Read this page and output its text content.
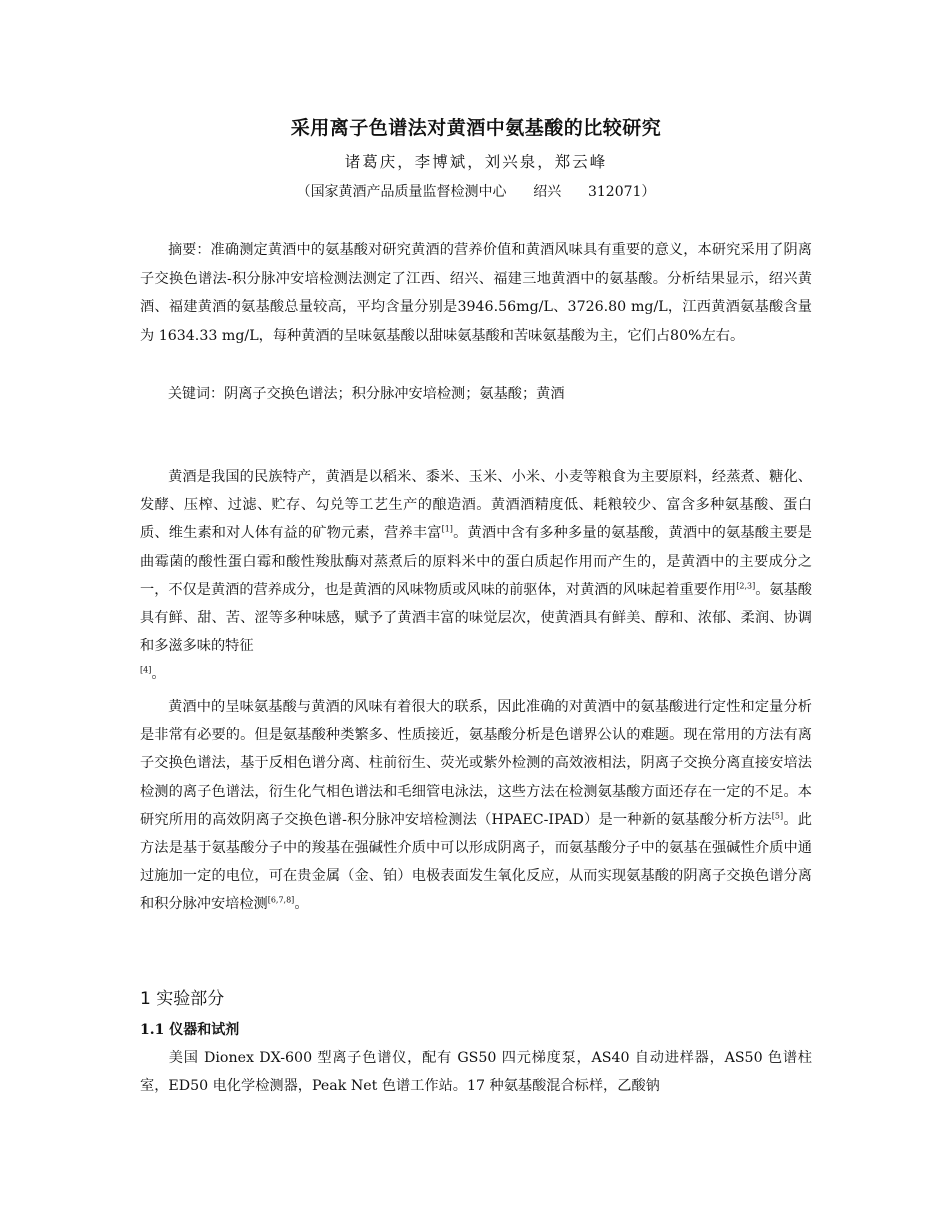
采用离子色谱法对黄酒中氨基酸的比较研究
诸葛庆，李博斌，刘兴泉，郑云峰
（国家黄酒产品质量监督检测中心 绍兴 312071）
摘要：准确测定黄酒中的氨基酸对研究黄酒的营养价值和黄酒风味具有重要的意义，本研究采用了阴离子交换色谱法-积分脉冲安培检测法测定了江西、绍兴、福建三地黄酒中的氨基酸。分析结果显示，绍兴黄酒、福建黄酒的氨基酸总量较高，平均含量分别是3946.56mg/L、3726.80 mg/L，江西黄酒氨基酸含量为 1634.33 mg/L，每种黄酒的呈味氨基酸以甜味氨基酸和苦味氨基酸为主，它们占80%左右。
关键词：阴离子交换色谱法；积分脉冲安培检测；氨基酸；黄酒
黄酒是我国的民族特产，黄酒是以稻米、黍米、玉米、小米、小麦等粮食为主要原料，经蒸煮、糖化、发酵、压榨、过滤、贮存、勾兑等工艺生产的酿造酒。黄酒酒精度低、耗粮较少、富含多种氨基酸、蛋白质、维生素和对人体有益的矿物元素，营养丰富[1]。黄酒中含有多种多量的氨基酸，黄酒中的氨基酸主要是曲霉菌的酸性蛋白霉和酸性羧肽酶对蒸煮后的原料米中的蛋白质起作用而产生的，是黄酒中的主要成分之一，不仅是黄酒的营养成分，也是黄酒的风味物质或风味的前驱体，对黄酒的风味起着重要作用[2,3]。氨基酸具有鲜、甜、苦、涩等多种味感，赋予了黄酒丰富的味觉层次，使黄酒具有鲜美、醇和、浓郁、柔润、协调和多滋多味的特征
[4]。
黄酒中的呈味氨基酸与黄酒的风味有着很大的联系，因此准确的对黄酒中的氨基酸进行定性和定量分析是非常有必要的。但是氨基酸种类繁多、性质接近，氨基酸分析是色谱界公认的难题。现在常用的方法有离子交换色谱法，基于反相色谱分离、柱前衍生、荧光或紫外检测的高效液相法，阴离子交换分离直接安培法检测的离子色谱法，衍生化气相色谱法和毛细管电泳法，这些方法在检测氨基酸方面还存在一定的不足。本研究所用的高效阴离子交换色谱-积分脉冲安培检测法（HPAEC-IPAD）是一种新的氨基酸分析方法[5]。此方法是基于氨基酸分子中的羧基在强碱性介质中可以形成阴离子，而氨基酸分子中的氨基在强碱性介质中通过施加一定的电位，可在贵金属（金、铂）电极表面发生氧化反应，从而实现氨基酸的阴离子交换色谱分离和积分脉冲安培检测[6,7,8]。
1 实验部分
1.1 仪器和试剂
美国 Dionex DX-600 型离子色谱仪，配有 GS50 四元梯度泵，AS40 自动进样器，AS50 色谱柱室，ED50 电化学检测器，Peak Net 色谱工作站。17 种氨基酸混合标样，乙酸钠
